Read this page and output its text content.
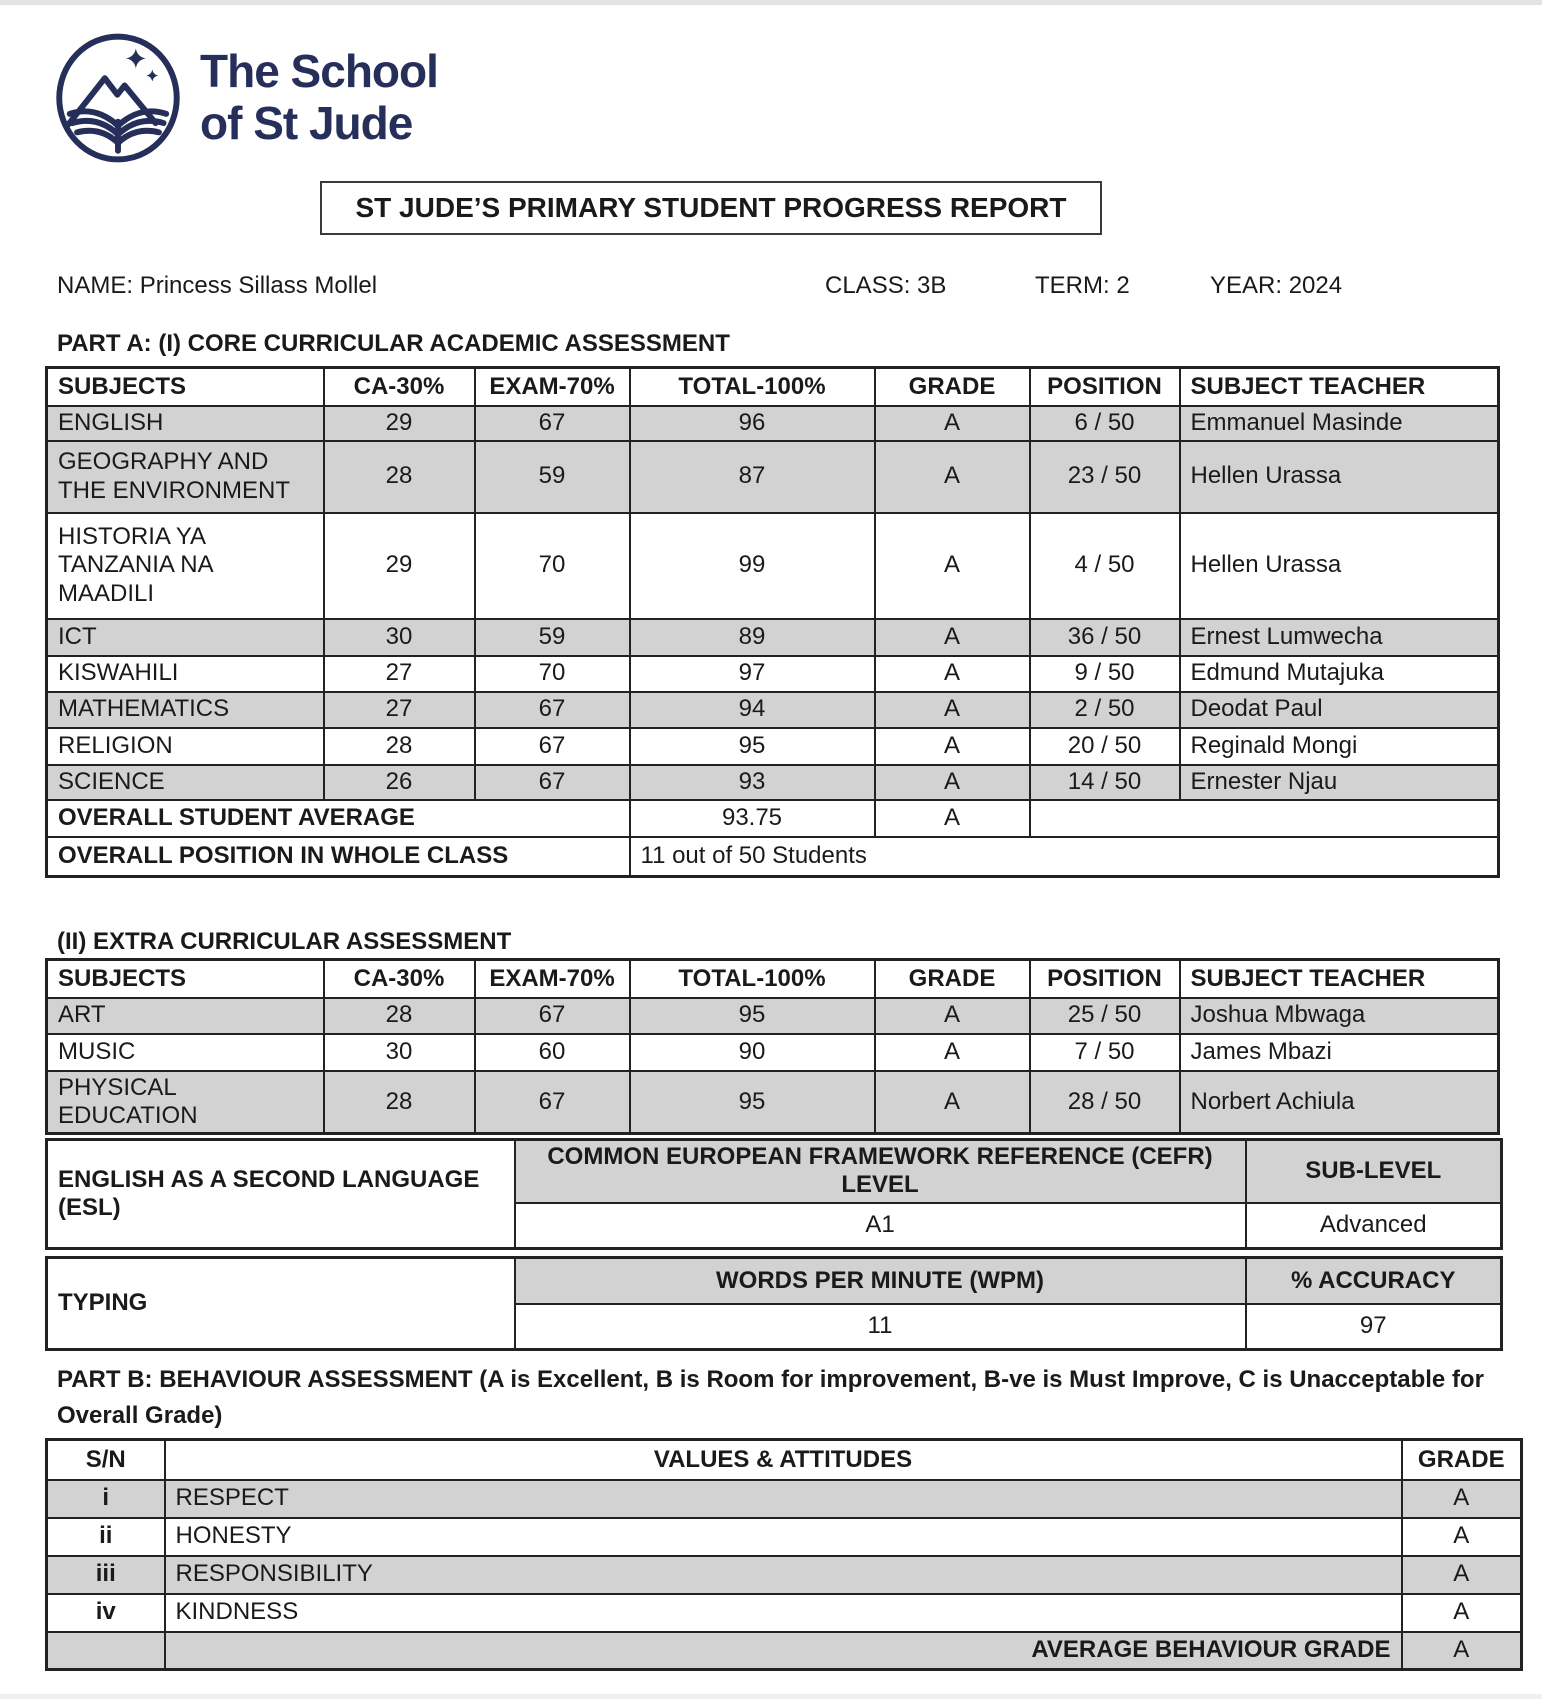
The School
of St Jude
ST JUDE’S PRIMARY STUDENT PROGRESS REPORT
NAME: Princess Sillass Mollel	CLASS: 3B	TERM: 2	YEAR: 2024
PART A: (I) CORE CURRICULAR ACADEMIC ASSESSMENT
SUBJECTS	CA-30%	EXAM-70%	TOTAL-100%	GRADE	POSITION	SUBJECT TEACHER
ENGLISH	29	67	96	A	6 / 50	Emmanuel Masinde
GEOGRAPHY AND THE ENVIRONMENT	28	59	87	A	23 / 50	Hellen Urassa
HISTORIA YA TANZANIA NA MAADILI	29	70	99	A	4 / 50	Hellen Urassa
ICT	30	59	89	A	36 / 50	Ernest Lumwecha
KISWAHILI	27	70	97	A	9 / 50	Edmund Mutajuka
MATHEMATICS	27	67	94	A	2 / 50	Deodat Paul
RELIGION	28	67	95	A	20 / 50	Reginald Mongi
SCIENCE	26	67	93	A	14 / 50	Ernester Njau
OVERALL STUDENT AVERAGE			93.75	A		
OVERALL POSITION IN WHOLE CLASS			11 out of 50 Students			
(II) EXTRA CURRICULAR ASSESSMENT
SUBJECTS	CA-30%	EXAM-70%	TOTAL-100%	GRADE	POSITION	SUBJECT TEACHER
ART	28	67	95	A	25 / 50	Joshua Mbwaga
MUSIC	30	60	90	A	7 / 50	James Mbazi
PHYSICAL EDUCATION	28	67	95	A	28 / 50	Norbert Achiula
ENGLISH AS A SECOND LANGUAGE (ESL)	COMMON EUROPEAN FRAMEWORK REFERENCE (CEFR) LEVEL	SUB-LEVEL
	A1	Advanced
TYPING	WORDS PER MINUTE (WPM)	% ACCURACY
	11	97
PART B: BEHAVIOUR ASSESSMENT (A is Excellent, B is Room for improvement, B-ve is Must Improve, C is Unacceptable for Overall Grade)
S/N	VALUES & ATTITUDES	GRADE
i	RESPECT	A
ii	HONESTY	A
iii	RESPONSIBILITY	A
iv	KINDNESS	A
	AVERAGE BEHAVIOUR GRADE	A
